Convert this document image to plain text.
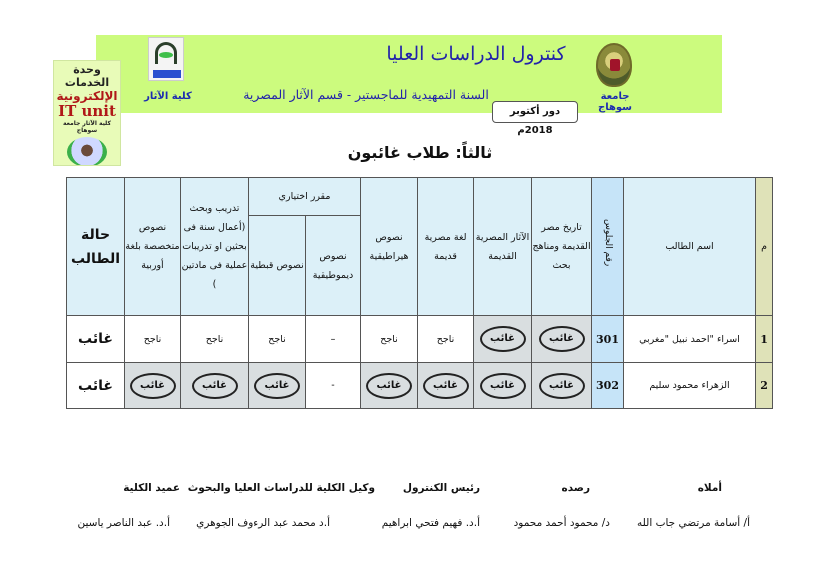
كلية الآثار
كنترول الدراسات العليا
السنة التمهيدية للماجستير - قسم الآثار المصرية	جامعة سوهاج
دور أكتوبر 2018م
وحدة الخدمات
الإلكترونية
IT unit
كلية الآثار جامعة سوهاج
ثالثاً: طلاب غائبون
م	اسم الطالب	رقم الجلوس	تاريخ مصر القديمة ومناهج بحث	الآثار المصرية القديمة	لغة مصرية قديمة	نصوص هيراطيقية	مقرر اختياري		تدريب وبحث (أعمال سنة فى بحثين او تدريبات عملية فى مادتين )	نصوص متخصصة بلغة أوربية	حالة الطالب
							نصوص ديموطيقية	نصوص قبطية			
1	اسراء "احمد نبيل "مغربي	301	غائب	غائب	ناجح	ناجح	–	ناجح	ناجح	ناجح	غائب
2	الزهراء محمود سليم	302	غائب	غائب	غائب	غائب	-	غائب	غائب	غائب	غائب
أملاه
رصده
رئيس الكنترول
وكيل الكلية للدراسات العليا والبحوث
عميد الكلية
أ/ أسامة مرتضي جاب الله
د/ محمود أحمد محمود
أ.د. فهيم فتحي ابراهيم
أ.د محمد عبد الرءوف الجوهري
أ.د. عبد الناصر ياسين
